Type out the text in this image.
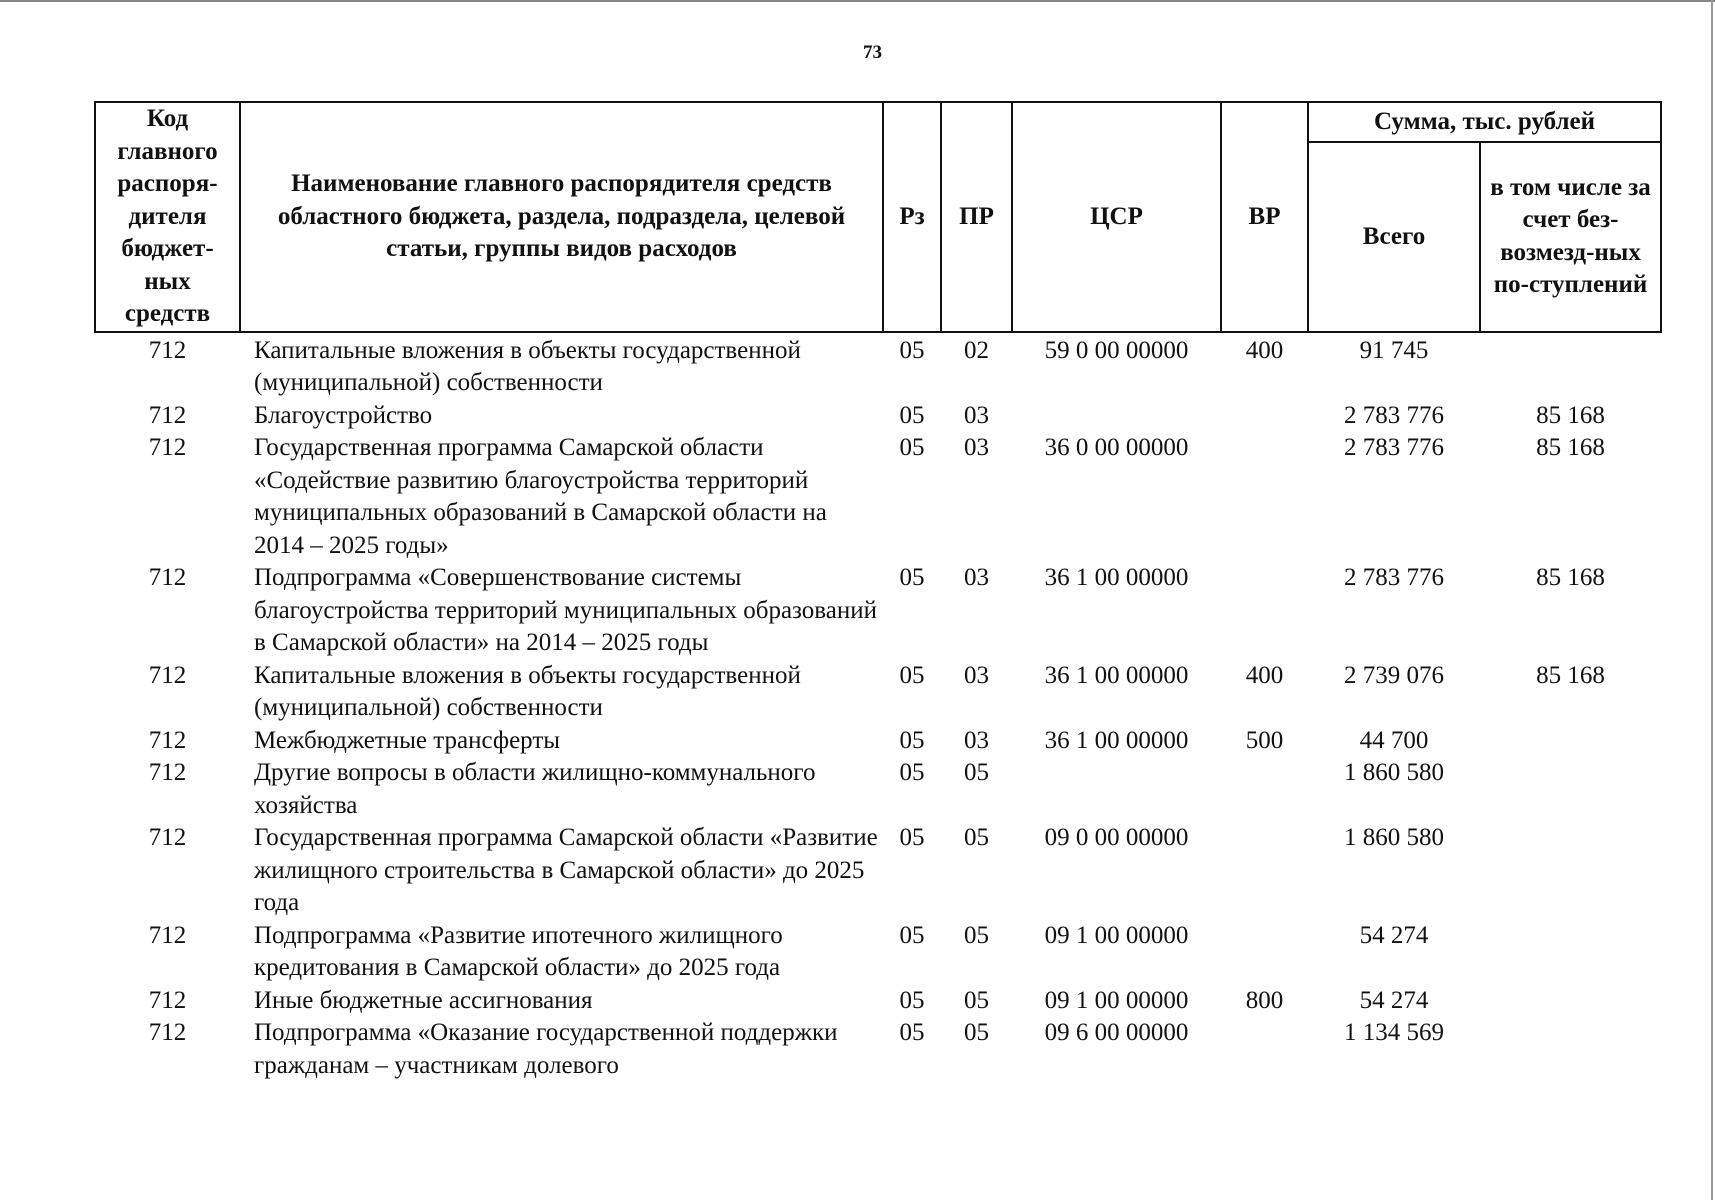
73
Код главного распоря-дителя бюджет-ных средств	Наименование главного распорядителя средств областного бюджета, раздела, подраздела, целевой статьи, группы видов расходов	Рз	ПР	ЦСР	ВР	Сумма, тыс. рублей	
						Всего	в том числе за счет без-возмезд-ных по-ступлений
712	Капитальные вложения в объекты государственной (муниципальной) собственности	05	02	59 0 00 00000	400	91 745	
712	Благоустройство	05	03			2 783 776	85 168
712	Государственная программа Самарской области «Содействие развитию благоустройства территорий муниципальных образований в Самарской области на 2014 – 2025 годы»	05	03	36 0 00 00000		2 783 776	85 168
712	Подпрограмма «Совершенствование системы благоустройства территорий муниципальных образований в Самарской области» на 2014 – 2025 годы	05	03	36 1 00 00000		2 783 776	85 168
712	Капитальные вложения в объекты государственной (муниципальной) собственности	05	03	36 1 00 00000	400	2 739 076	85 168
712	Межбюджетные трансферты	05	03	36 1 00 00000	500	44 700	
712	Другие вопросы в области жилищно-коммунального хозяйства	05	05			1 860 580	
712	Государственная программа Самарской области «Развитие жилищного строительства в Самарской области» до 2025 года	05	05	09 0 00 00000		1 860 580	
712	Подпрограмма «Развитие ипотечного жилищного кредитования в Самарской области» до 2025 года	05	05	09 1 00 00000		54 274	
712	Иные бюджетные ассигнования	05	05	09 1 00 00000	800	54 274	
712	Подпрограмма «Оказание государственной поддержки гражданам – участникам долевого	05	05	09 6 00 00000		1 134 569	
